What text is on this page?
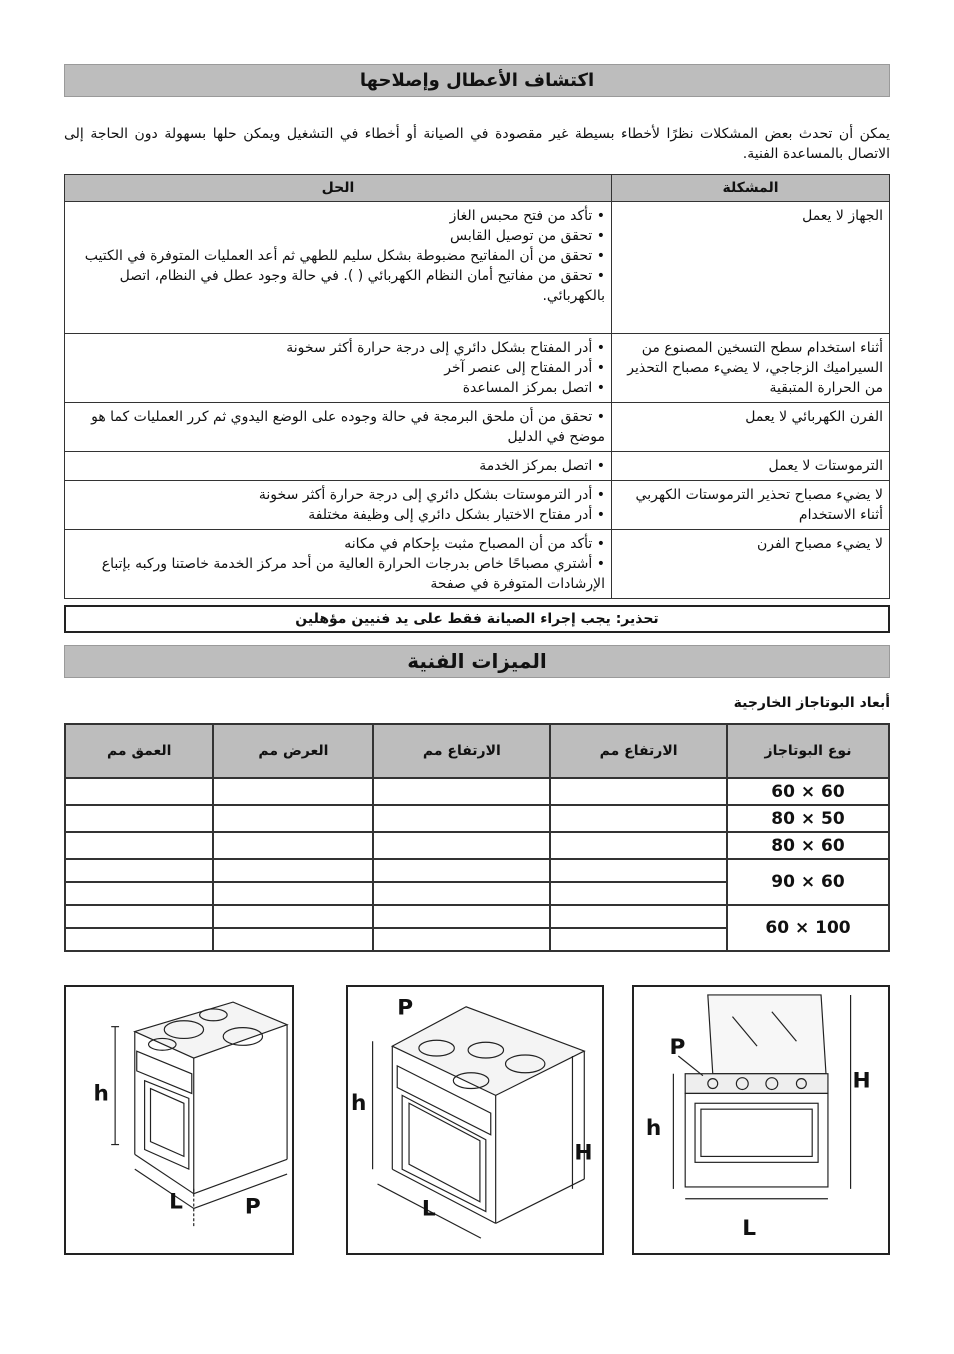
اكتشاف الأعطال وإصلاحها
يمكن أن تحدث بعض المشكلات نظرًا لأخطاء بسيطة غير مقصودة في الصيانة أو أخطاء في التشغيل ويمكن حلها بسهولة دون الحاجة إلى الاتصال بالمساعدة الفنية.
المشكلة	الحل
الجهاز لا يعمل	• تأكد من فتح محبس الغاز
• تحقق من توصيل القابس
• تحقق من أن المفاتيح مضبوطة بشكل سليم للطهي ثم أعد العمليات المتوفرة في الكتيب
• تحقق من مفاتيح أمان النظام الكهربائي ( ). في حالة وجود عطل في النظام، اتصل بالكهربائي.

أثناء استخدام سطح التسخين المصنوع من السيراميك الزجاجي، لا يضيء مصباح التحذير من الحرارة المتبقية	• أدر المفتاح بشكل دائري إلى درجة حرارة أكثر سخونة
• أدر المفتاح إلى عنصر آخر
• اتصل بمركز المساعدة

الفرن الكهربائي لا يعمل	• تحقق من أن ملحق البرمجة في حالة وجوده على الوضع اليدوي ثم كرر العمليات كما هو موضح في الدليل

الترموستات لا يعمل	• اتصل بمركز الخدمة

لا يضيء مصباح تحذير الترموستات الكهربي أثناء الاستخدام	• أدر الترموستات بشكل دائري إلى درجة حرارة أكثر سخونة
• أدر مفتاح الاختيار بشكل دائري إلى وظيفة مختلفة

لا يضيء مصباح الفرن	• تأكد من أن المصباح مثبت بإحكام في مكانه
• أشتري مصباحًا خاص بدرجات الحرارة العالية من أحد مركز الخدمة خاصتنا وركبه بإتباع الإرشادات المتوفرة في صفحة
تحذير: يجب إجراء الصيانة فقط على يد فنيين مؤهلين
الميزات الفنية
أبعاد البوتاجاز الخارجية
نوع البوتاجاز	الارتفاع مم	الارتفاع مم	العرض مم	العمق مم
60 × 60				
50 × 80				
60 × 80				
60 × 90				

100 × 60				

h
L	P
P
h
H
L
P
h
H
L
